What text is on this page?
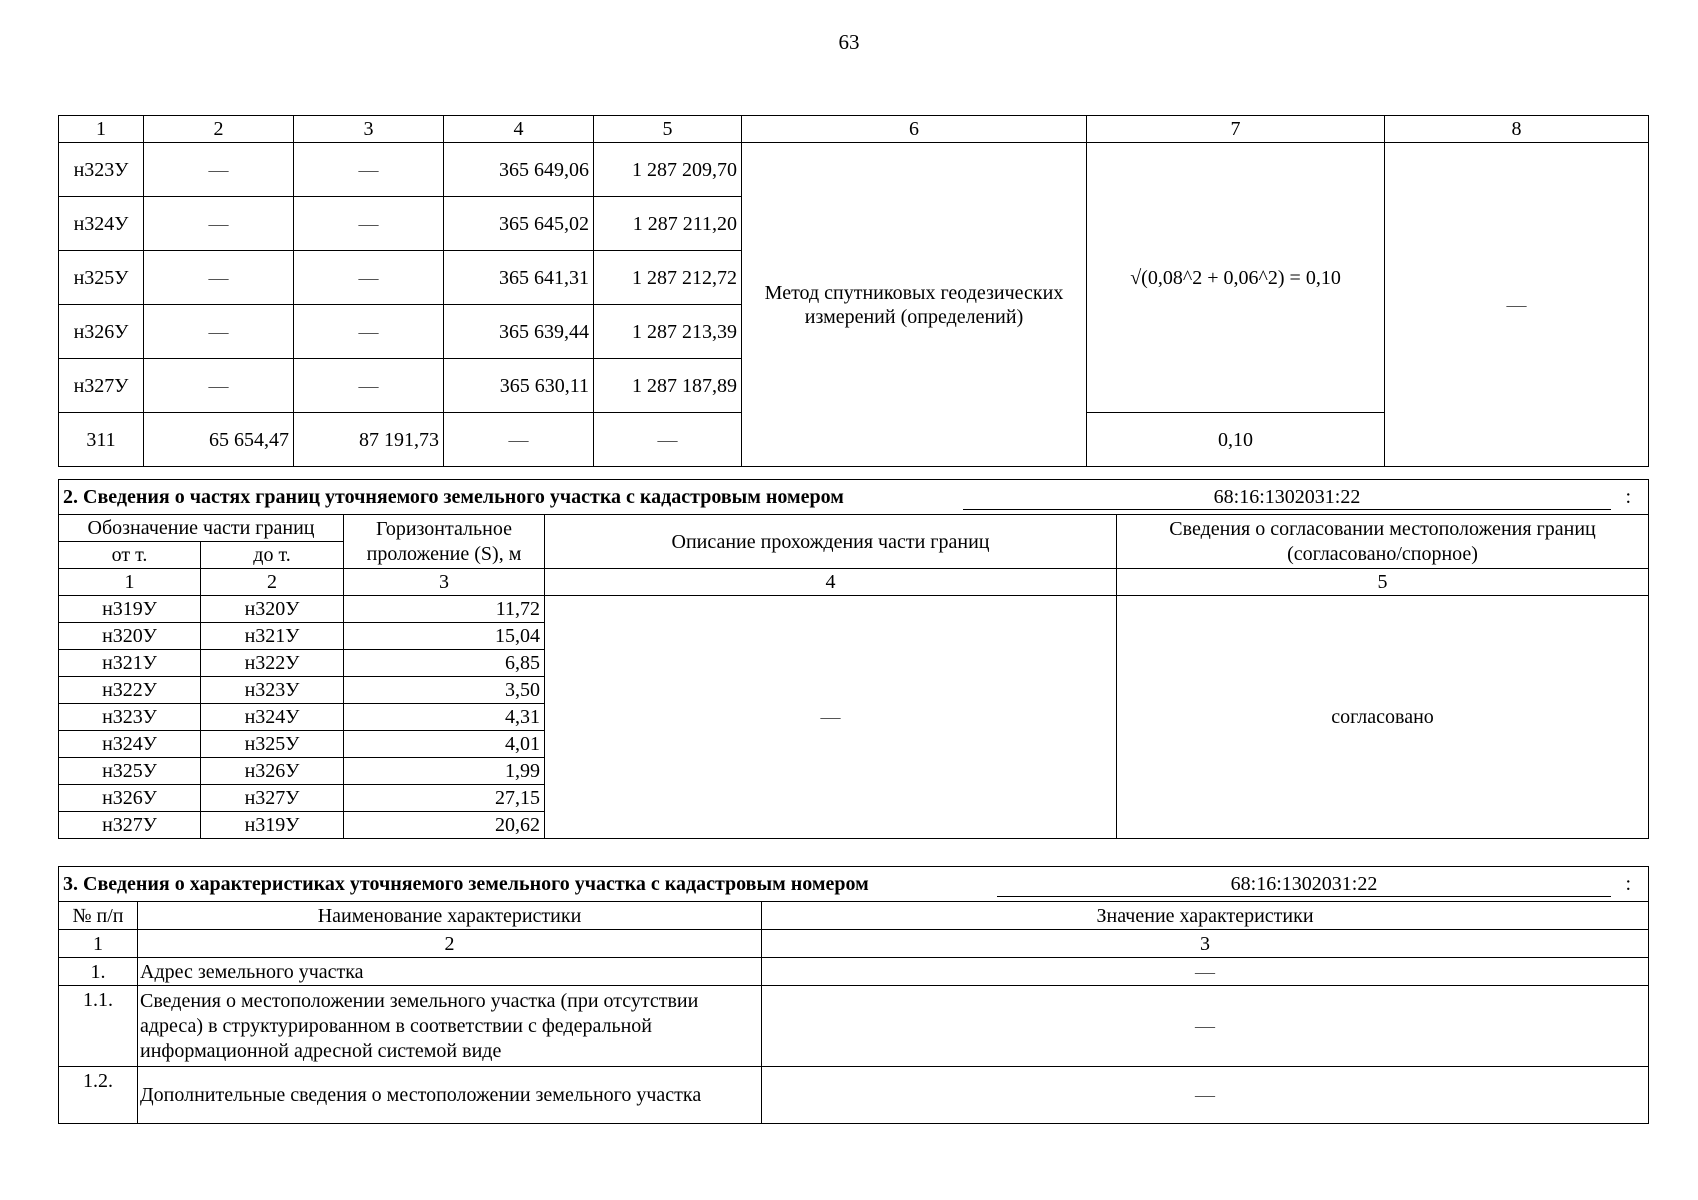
63
1	2	3	4	5	6	7	8
н323У	—	—	365 649,06	1 287 209,70	Метод спутниковых геодезических измерений (определений)	√(0,08^2 + 0,06^2) = 0,10	—
н324У	—	—	365 645,02	1 287 211,20			
н325У	—	—	365 641,31	1 287 212,72			
н326У	—	—	365 639,44	1 287 213,39			
н327У	—	—	365 630,11	1 287 187,89			
311	65 654,47	87 191,73	—	—		0,10	
2. Сведения о частях границ уточняемого земельного участка с кадастровым номером 68:16:1302031:22 :				
Обозначение части границ		Горизонтальное проложение (S), м	Описание прохождения части границ	Сведения о согласовании местоположения границ (согласовано/спорное)
от т.	до т.			
1	2	3	4	5
н319У	н320У	11,72	—	согласовано
н320У	н321У	15,04		
н321У	н322У	6,85		
н322У	н323У	3,50		
н323У	н324У	4,31		
н324У	н325У	4,01		
н325У	н326У	1,99		
н326У	н327У	27,15		
н327У	н319У	20,62		
3. Сведения о характеристиках уточняемого земельного участка с кадастровым номером 68:16:1302031:22 :		
№ п/п	Наименование характеристики	Значение характеристики
1	2	3
1.	Адрес земельного участка	—
1.1.	Сведения о местоположении земельного участка (при отсутствии адреса) в структурированном в соответствии с федеральной информационной адресной системой виде	—
1.2.	Дополнительные сведения о местоположении земельного участка	—
